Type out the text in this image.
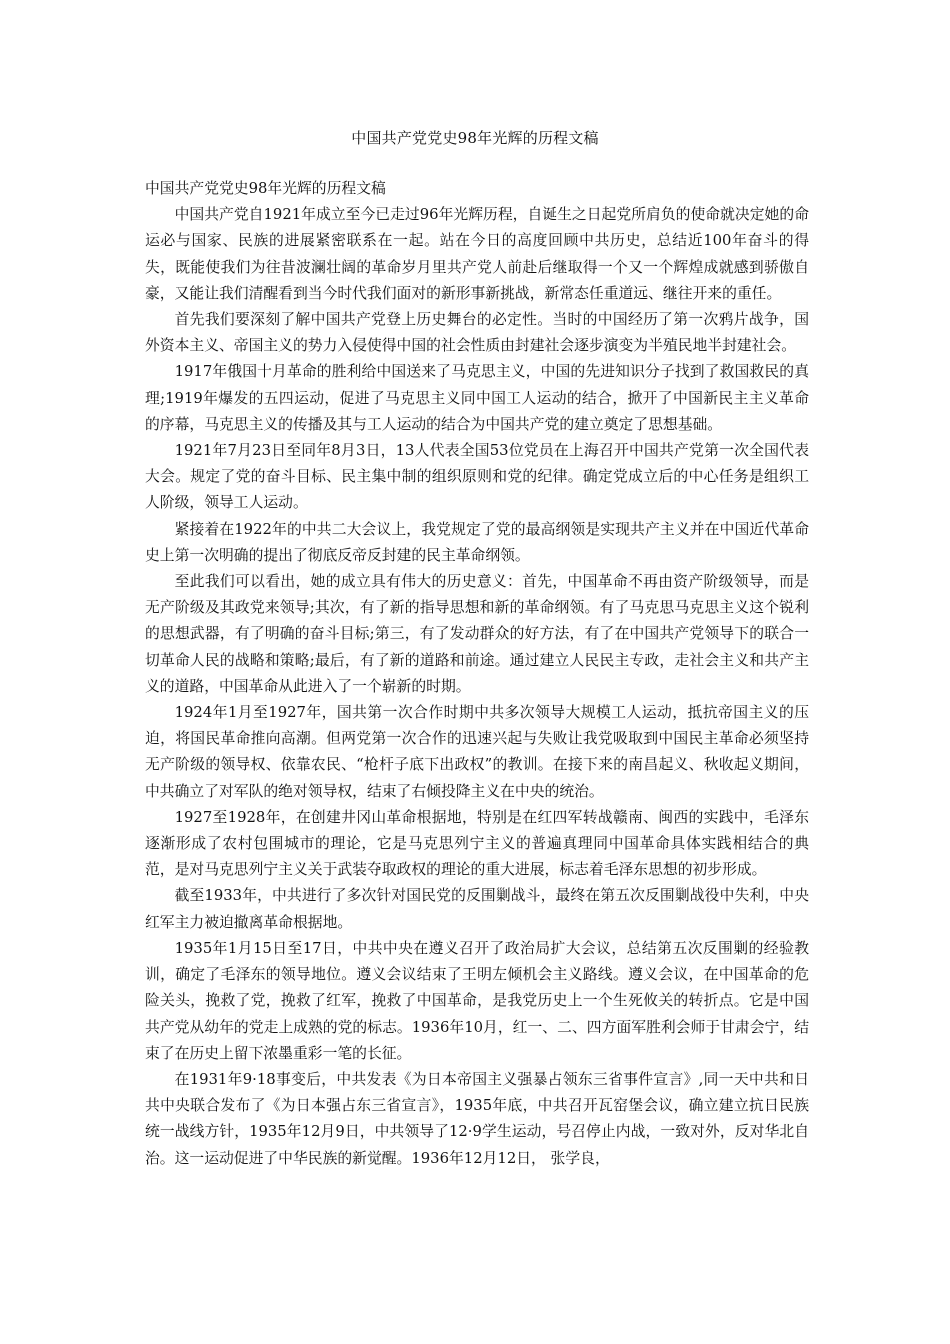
中国共产党党史98年光辉的历程文稿

中国共产党党史98年光辉的历程文稿

中国共产党自1921年成立至今已走过96年光辉历程，自诞生之日起党所肩负的使命就决定她的命运必与国家、民族的进展紧密联系在一起。站在今日的高度回顾中共历史，总结近100年奋斗的得失，既能使我们为往昔波澜壮阔的革命岁月里共产党人前赴后继取得一个又一个辉煌成就感到骄傲自豪，又能让我们清醒看到当今时代我们面对的新形事新挑战，新常态任重道远、继往开来的重任。

首先我们要深刻了解中国共产党登上历史舞台的必定性。当时的中国经历了第一次鸦片战争，国外资本主义、帝国主义的势力入侵使得中国的社会性质由封建社会逐步演变为半殖民地半封建社会。

1917年俄国十月革命的胜利给中国送来了马克思主义，中国的先进知识分子找到了救国救民的真理;1919年爆发的五四运动，促进了马克思主义同中国工人运动的结合，掀开了中国新民主主义革命的序幕，马克思主义的传播及其与工人运动的结合为中国共产党的建立奠定了思想基础。

1921年7月23日至同年8月3日，13人代表全国53位党员在上海召开中国共产党第一次全国代表大会。规定了党的奋斗目标、民主集中制的组织原则和党的纪律。确定党成立后的中心任务是组织工人阶级，领导工人运动。

紧接着在1922年的中共二大会议上，我党规定了党的最高纲领是实现共产主义并在中国近代革命史上第一次明确的提出了彻底反帝反封建的民主革命纲领。

至此我们可以看出，她的成立具有伟大的历史意义：首先，中国革命不再由资产阶级领导，而是无产阶级及其政党来领导;其次，有了新的指导思想和新的革命纲领。有了马克思马克思主义这个锐利的思想武器，有了明确的奋斗目标;第三，有了发动群众的好方法，有了在中国共产党领导下的联合一切革命人民的战略和策略;最后，有了新的道路和前途。通过建立人民民主专政，走社会主义和共产主义的道路，中国革命从此进入了一个崭新的时期。

1924年1月至1927年，国共第一次合作时期中共多次领导大规模工人运动，抵抗帝国主义的压迫，将国民革命推向高潮。但两党第一次合作的迅速兴起与失败让我党吸取到中国民主革命必须坚持无产阶级的领导权、依靠农民、“枪杆子底下出政权”的教训。在接下来的南昌起义、秋收起义期间，中共确立了对军队的绝对领导权，结束了右倾投降主义在中央的统治。

1927至1928年，在创建井冈山革命根据地，特别是在红四军转战赣南、闽西的实践中，毛泽东逐渐形成了农村包围城市的理论，它是马克思列宁主义的普遍真理同中国革命具体实践相结合的典范，是对马克思列宁主义关于武装夺取政权的理论的重大进展，标志着毛泽东思想的初步形成。

截至1933年，中共进行了多次针对国民党的反围剿战斗，最终在第五次反围剿战役中失利，中央红军主力被迫撤离革命根据地。

1935年1月15日至17日，中共中央在遵义召开了政治局扩大会议，总结第五次反围剿的经验教训，确定了毛泽东的领导地位。遵义会议结束了王明左倾机会主义路线。遵义会议，在中国革命的危险关头，挽救了党，挽救了红军，挽救了中国革命，是我党历史上一个生死攸关的转折点。它是中国共产党从幼年的党走上成熟的党的标志。1936年10月，红一、二、四方面军胜利会师于甘肃会宁，结束了在历史上留下浓墨重彩一笔的长征。

在1931年9·18事变后，中共发表《为日本帝国主义强暴占领东三省事件宣言》,同一天中共和日共中央联合发布了《为日本强占东三省宣言》，1935年底，中共召开瓦窑堡会议，确立建立抗日民族统一战线方针，1935年12月9日，中共领导了12·9学生运动，号召停止内战，一致对外，反对华北自治。这一运动促进了中华民族的新觉醒。1936年12月12日， 张学良，
